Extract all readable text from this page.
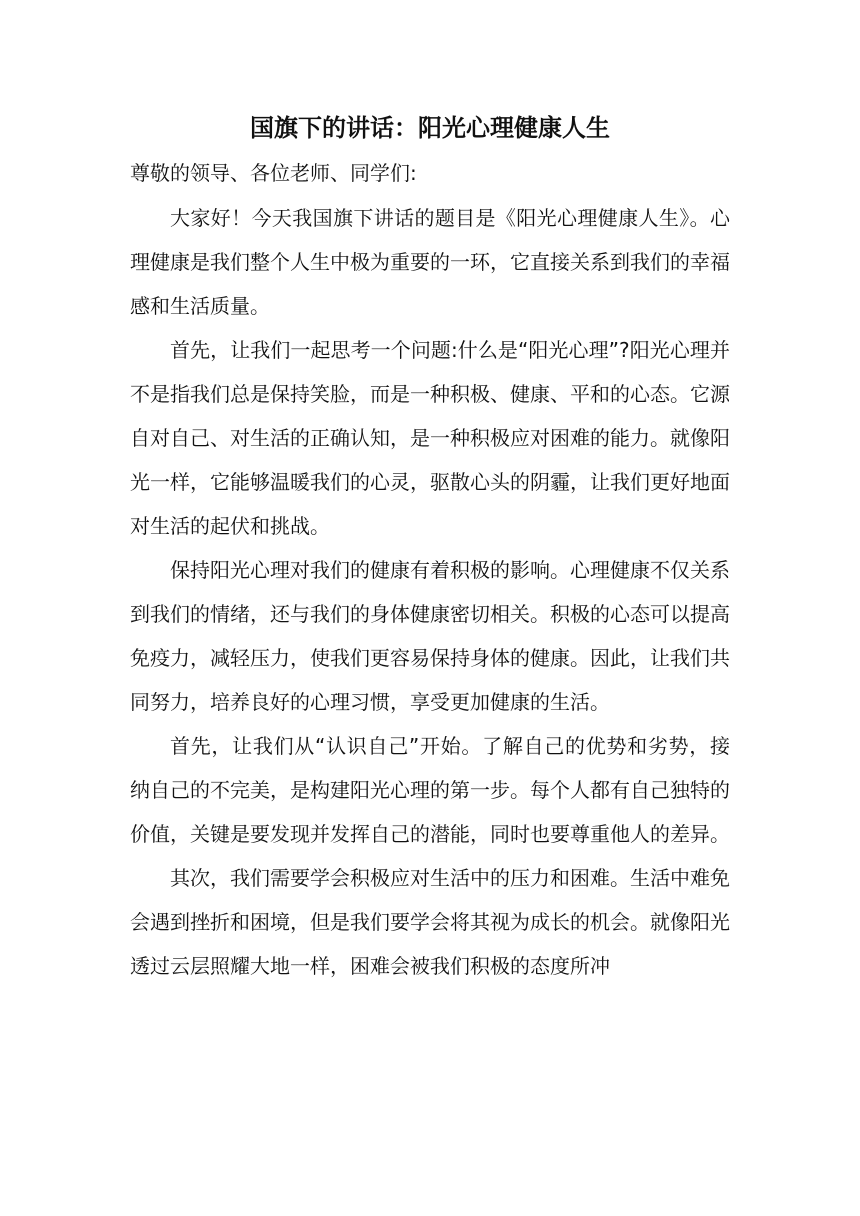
国旗下的讲话：阳光心理健康人生

尊敬的领导、各位老师、同学们:

大家好！今天我国旗下讲话的题目是《阳光心理健康人生》。心理健康是我们整个人生中极为重要的一环，它直接关系到我们的幸福感和生活质量。

首先，让我们一起思考一个问题:什么是“阳光心理”?阳光心理并不是指我们总是保持笑脸，而是一种积极、健康、平和的心态。它源自对自己、对生活的正确认知，是一种积极应对困难的能力。就像阳光一样，它能够温暖我们的心灵，驱散心头的阴霾，让我们更好地面对生活的起伏和挑战。

保持阳光心理对我们的健康有着积极的影响。心理健康不仅关系到我们的情绪，还与我们的身体健康密切相关。积极的心态可以提高免疫力，减轻压力，使我们更容易保持身体的健康。因此，让我们共同努力，培养良好的心理习惯，享受更加健康的生活。

首先，让我们从“认识自己”开始。了解自己的优势和劣势，接纳自己的不完美，是构建阳光心理的第一步。每个人都有自己独特的价值，关键是要发现并发挥自己的潜能，同时也要尊重他人的差异。

其次，我们需要学会积极应对生活中的压力和困难。生活中难免会遇到挫折和困境，但是我们要学会将其视为成长的机会。就像阳光透过云层照耀大地一样，困难会被我们积极的态度所冲
